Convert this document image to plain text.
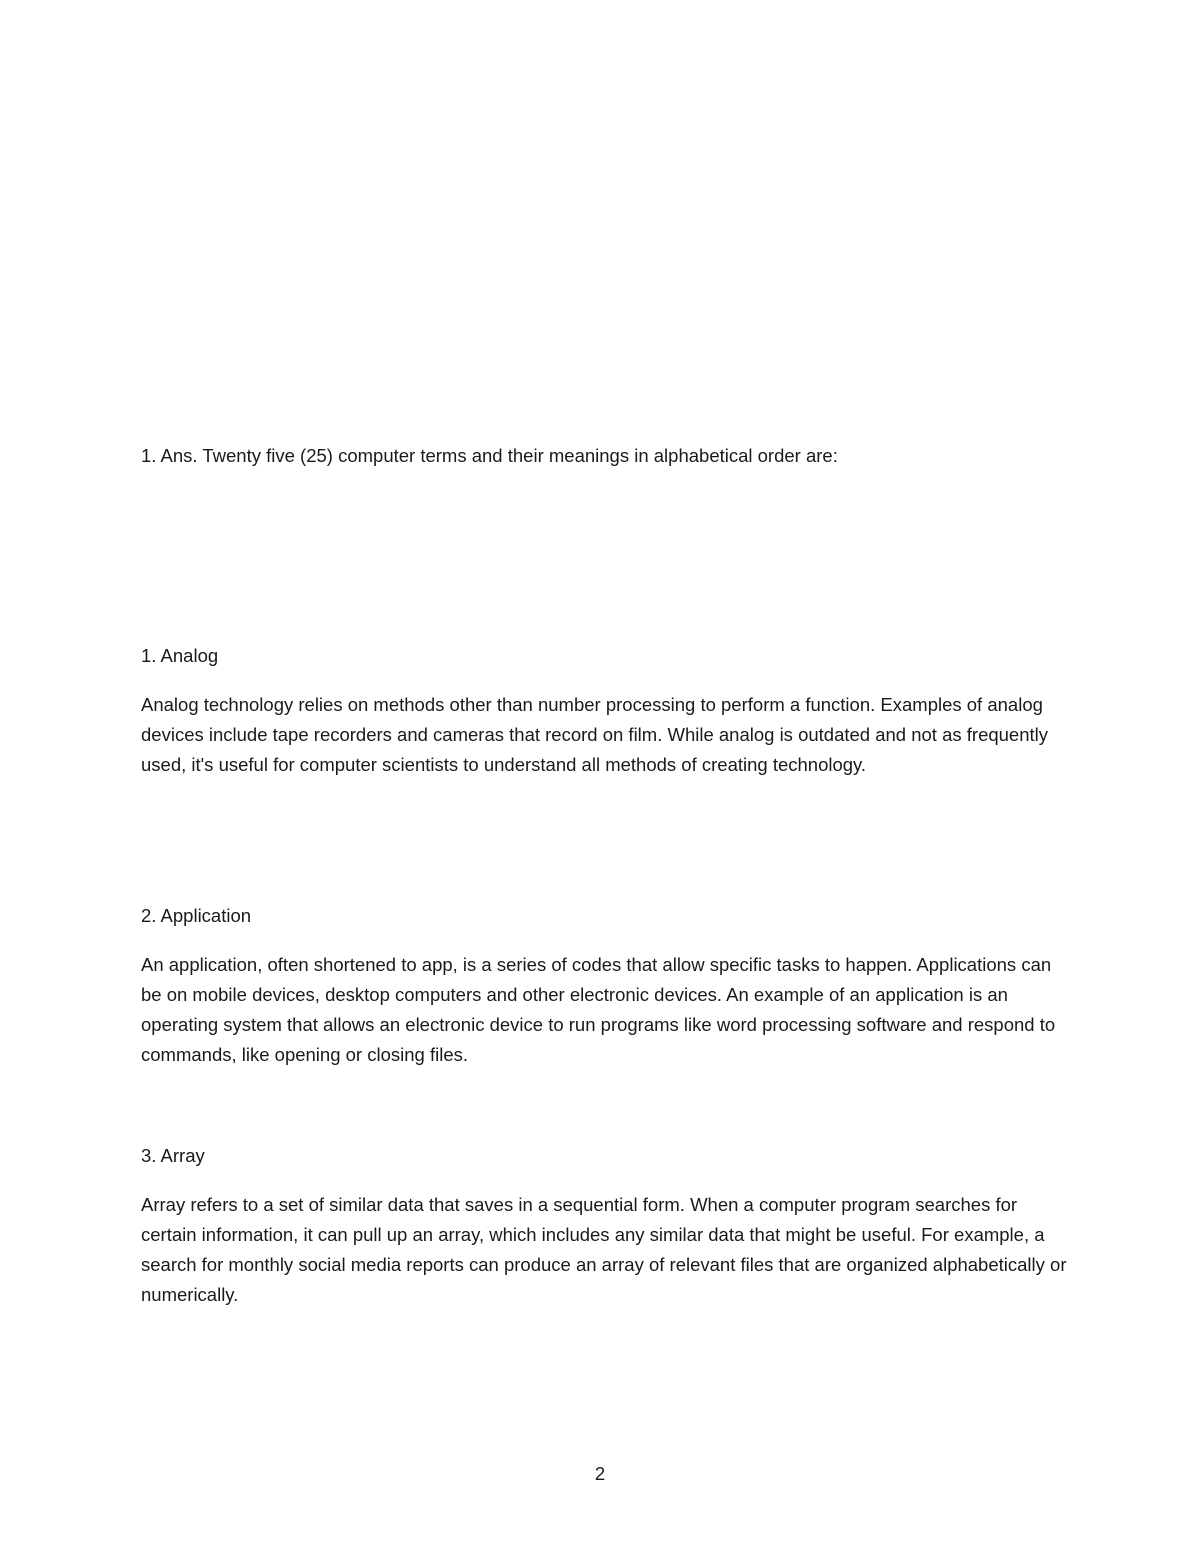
1. Ans. Twenty five (25) computer terms and their meanings in alphabetical order are:

1. Analog

Analog technology relies on methods other than number processing to perform a function. Examples of analog devices include tape recorders and cameras that record on film. While analog is outdated and not as frequently used, it's useful for computer scientists to understand all methods of creating technology.

2. Application

An application, often shortened to app, is a series of codes that allow specific tasks to happen. Applications can be on mobile devices, desktop computers and other electronic devices. An example of an application is an operating system that allows an electronic device to run programs like word processing software and respond to commands, like opening or closing files.

3. Array

Array refers to a set of similar data that saves in a sequential form. When a computer program searches for certain information, it can pull up an array, which includes any similar data that might be useful. For example, a search for monthly social media reports can produce an array of relevant files that are organized alphabetically or numerically.

2
